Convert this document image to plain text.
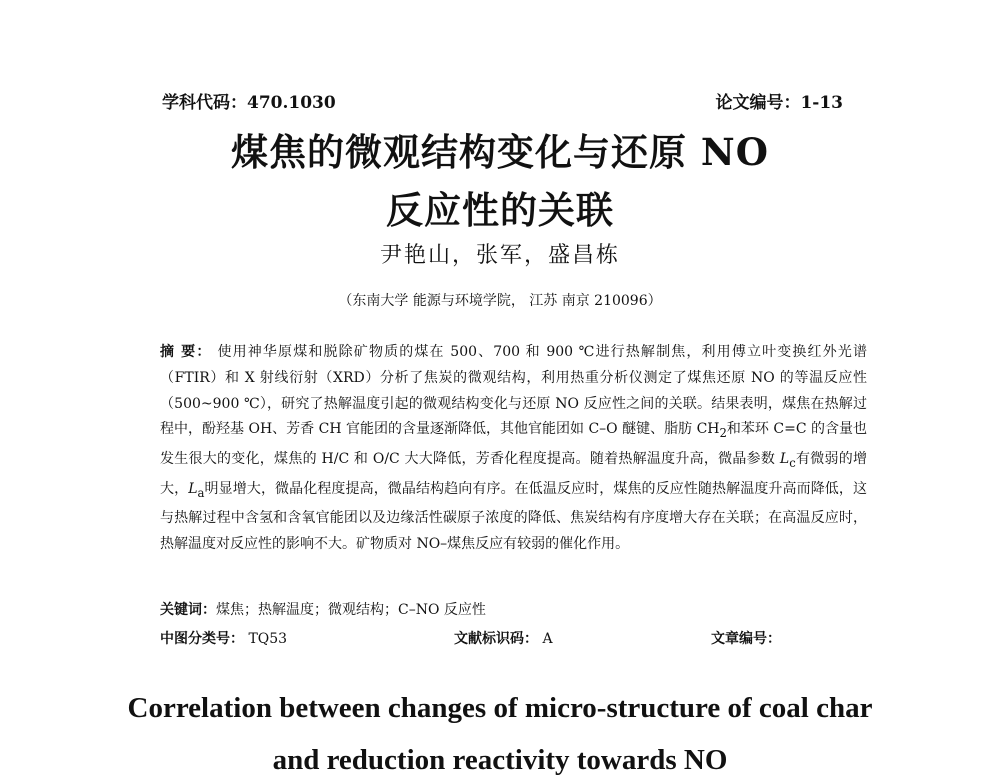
学科代码：470.1030	论文编号：1-13
煤焦的微观结构变化与还原 NO
反应性的关联
尹艳山，张军，盛昌栋
（东南大学 能源与环境学院， 江苏 南京 210096）
摘 要： 使用神华原煤和脱除矿物质的煤在 500、700 和 900 ℃进行热解制焦，利用傅立叶变换红外光谱（FTIR）和 X 射线衍射（XRD）分析了焦炭的微观结构，利用热重分析仪测定了煤焦还原 NO 的等温反应性（500~900 ℃），研究了热解温度引起的微观结构变化与还原 NO 反应性之间的关联。结果表明，煤焦在热解过程中，酚羟基 OH、芳香 CH 官能团的含量逐渐降低，其他官能团如 C–O 醚键、脂肪 $CH_2$和苯环 C=C 的含量也发生很大的变化，煤焦的 H/C 和 O/C 大大降低，芳香化程度提高。随着热解温度升高，微晶参数 $L_c$有微弱的增大，$L_a$明显增大，微晶化程度提高，微晶结构趋向有序。在低温反应时，煤焦的反应性随热解温度升高而降低，这与热解过程中含氢和含氧官能团以及边缘活性碳原子浓度的降低、焦炭结构有序度增大存在关联；在高温反应时，热解温度对反应性的影响不大。矿物质对 NO–煤焦反应有较弱的催化作用。
关键词：煤焦；热解温度；微观结构；C–NO 反应性
中图分类号： TQ53	文献标识码： A	文章编号：
Correlation between changes of micro-structure of coal char
and reduction reactivity towards NO
